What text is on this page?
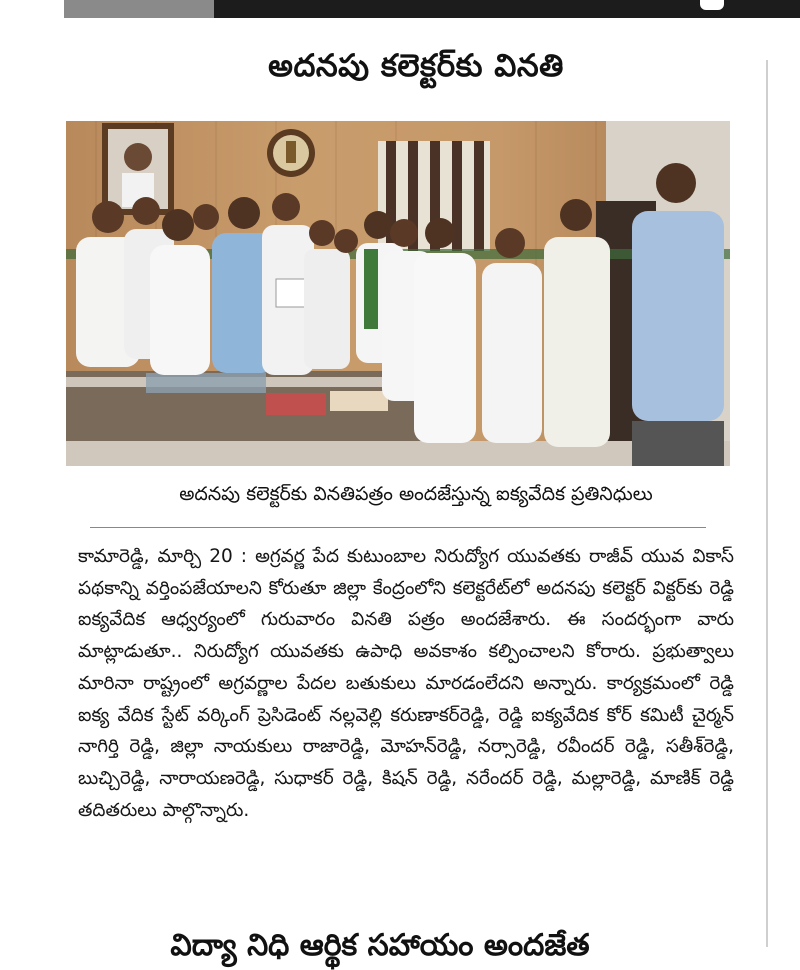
అదనపు కలెక్టర్‌కు వినతి
అదనపు కలెక్టర్‌కు వినతిపత్రం అందజేస్తున్న ఐక్యవేదిక ప్రతినిధులు

కామారెడ్డి, మార్చి 20 : అగ్రవర్ణ పేద కుటుంబాల నిరుద్యోగ యువతకు రాజీవ్ యువ వికాస్ పథకాన్ని వర్తింపజేయాలని కోరుతూ జిల్లా కేంద్రంలోని కలెక్టరేట్‌లో అదనపు కలెక్టర్ విక్టర్‌కు రెడ్డి ఐక్యవేదిక ఆధ్వర్యంలో గురువారం వినతి పత్రం అందజేశారు. ఈ సందర్భంగా వారు మాట్లాడుతూ.. నిరుద్యోగ యువతకు ఉపాధి అవకాశం కల్పించాలని కోరారు. ప్రభుత్వాలు మారినా రాష్ట్రంలో అగ్రవర్ణాల పేదల బతుకులు మారడంలేదని అన్నారు. కార్యక్రమంలో రెడ్డి ఐక్య వేదిక స్టేట్ వర్కింగ్ ప్రెసిడెంట్ నల్లవెల్లి కరుణాకర్‌రెడ్డి, రెడ్డి ఐక్యవేదిక కోర్ కమిటీ చైర్మన్ నాగిర్తి రెడ్డి, జిల్లా నాయకులు రాజారెడ్డి, మోహన్‌రెడ్డి, నర్సారెడ్డి, రవీందర్ రెడ్డి, సతీశ్‌రెడ్డి, బుచ్చిరెడ్డి, నారాయణరెడ్డి, సుధాకర్ రెడ్డి, కిషన్ రెడ్డి, నరేందర్ రెడ్డి, మల్లారెడ్డి, మాణిక్ రెడ్డి తదితరులు పాల్గొన్నారు.

విద్యా నిధి ఆర్థిక సహాయం అందజేత
